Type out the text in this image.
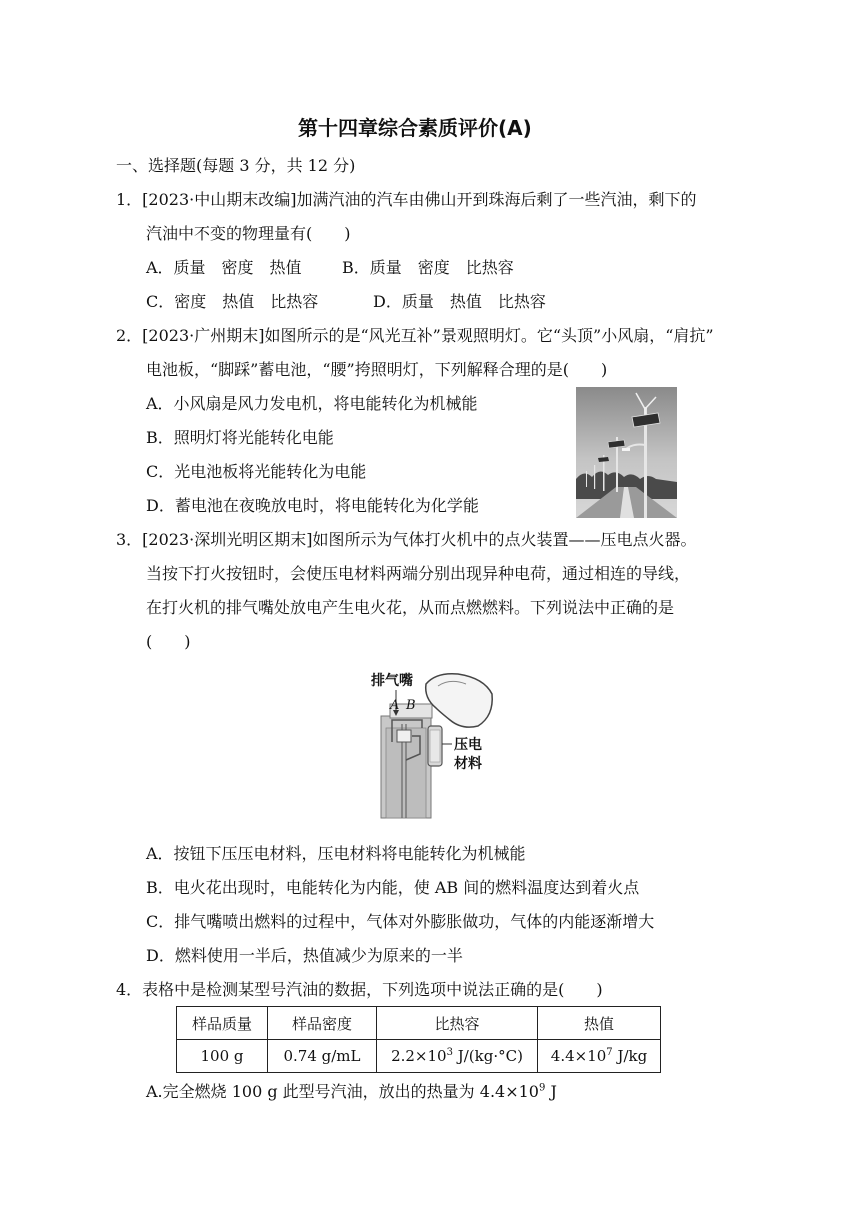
第十四章综合素质评价(A)
一、选择题(每题 3 分，共 12 分)
1．[2023·中山期末改编]加满汽油的汽车由佛山开到珠海后剩了一些汽油，剩下的
汽油中不变的物理量有(　　)
A．质量　密度　热值	B．质量　密度　比热容
C．密度　热值　比热容	D．质量　热值　比热容
2．[2023·广州期末]如图所示的是“风光互补”景观照明灯。它“头顶”小风扇，“肩抗”
电池板，“脚踩”蓄电池，“腰”挎照明灯，下列解释合理的是(　　)
A．小风扇是风力发电机，将电能转化为机械能
B．照明灯将光能转化电能
C．光电池板将光能转化为电能
D．蓄电池在夜晚放电时，将电能转化为化学能
3．[2023·深圳光明区期末]如图所示为气体打火机中的点火装置——压电点火器。
当按下打火按钮时，会使压电材料两端分别出现异种电荷，通过相连的导线，
在打火机的排气嘴处放电产生电火花，从而点燃燃料。下列说法中正确的是
(　　)
排气嘴
A B
压电
材料
A．按钮下压压电材料，压电材料将电能转化为机械能
B．电火花出现时，电能转化为内能，使 AB 间的燃料温度达到着火点
C．排气嘴喷出燃料的过程中，气体对外膨胀做功，气体的内能逐渐增大
D．燃料使用一半后，热值减少为原来的一半
4．表格中是检测某型号汽油的数据，下列选项中说法正确的是(　　)
样品质量	样品密度	比热容	热值
100 g	0.74 g/mL	$2.2\times 10^3$ J/(kg·°C)	$4.4\times 10^7$ J/kg
A.完全燃烧 100 g 此型号汽油，放出的热量为 $4.4\times 10^9$ J
